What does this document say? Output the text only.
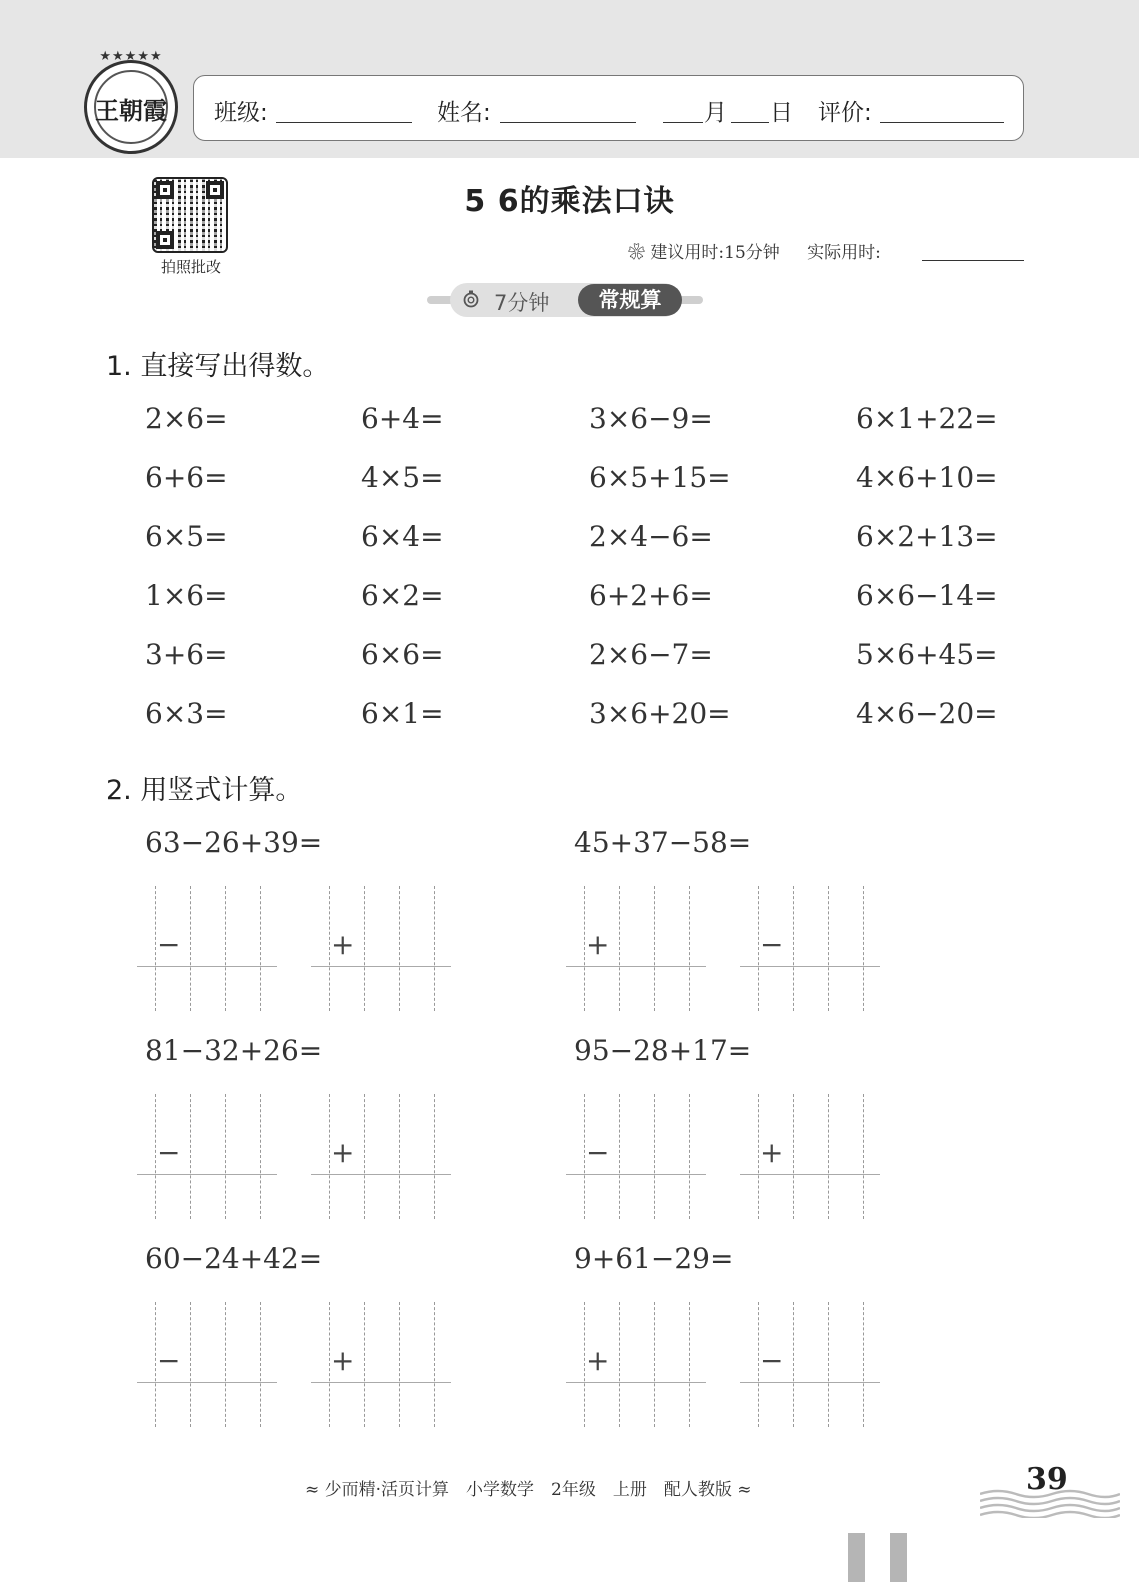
★★★★★
王朝霞	班级:	姓名:	月 日 评价:
拍照批改
5 6的乘法口诀
❀ 建议用时:15分钟 实际用时:
7分钟	常规算
1. 直接写出得数。
2×6=	6+4=	3×6−9=	6×1+22=
6+6=	4×5=	6×5+15=	4×6+10=
6×5=	6×4=	2×4−6=	6×2+13=
1×6=	6×2=	6+2+6=	6×6−14=
3+6=	6×6=	2×6−7=	5×6+45=
6×3=	6×1=	3×6+20=	4×6−20=
2. 用竖式计算。
63−26+39=
−	+
45+37−58=
+	−
81−32+26=
−	+
95−28+17=
−	+
60−24+42=
−	+
9+61−29=
+	−
≈ 少而精·活页计算　小学数学　2年级　上册　配人教版 ≈	39
